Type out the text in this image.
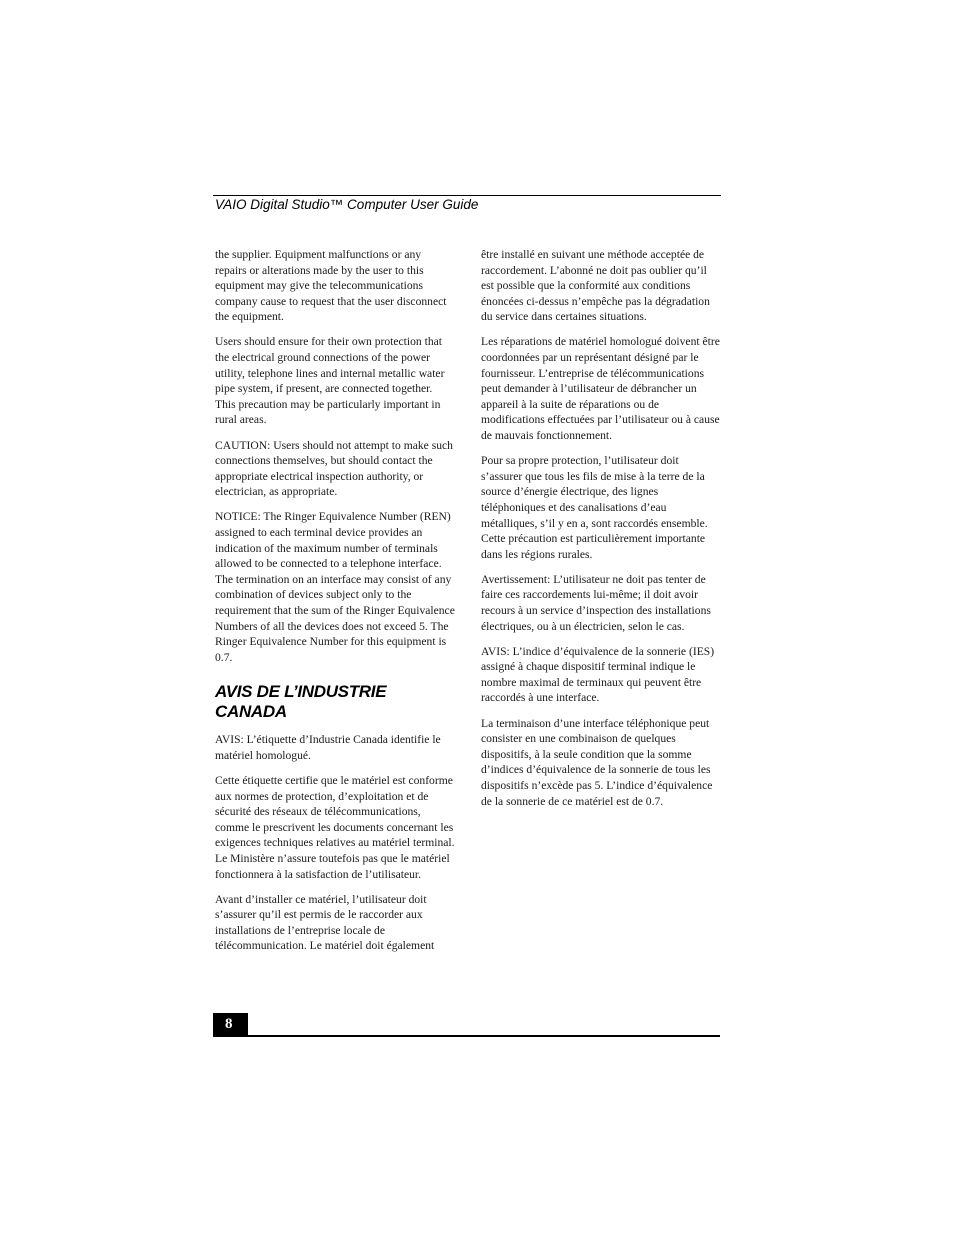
VAIO Digital Studio™ Computer User Guide

the supplier. Equipment malfunctions or any repairs or alterations made by the user to this equipment may give the telecommunications company cause to request that the user disconnect the equipment.

Users should ensure for their own protection that the electrical ground connections of the power utility, telephone lines and internal metallic water pipe system, if present, are connected together. This precaution may be particularly important in rural areas.

CAUTION: Users should not attempt to make such connections themselves, but should contact the appropriate electrical inspection authority, or electrician, as appropriate.

NOTICE: The Ringer Equivalence Number (REN) assigned to each terminal device provides an indication of the maximum number of terminals allowed to be connected to a telephone interface. The termination on an interface may consist of any combination of devices subject only to the requirement that the sum of the Ringer Equivalence Numbers of all the devices does not exceed 5. The Ringer Equivalence Number for this equipment is 0.7.

AVIS DE L’INDUSTRIE
CANADA

AVIS: L’étiquette d’Industrie Canada identifie le matériel homologué.

Cette étiquette certifie que le matériel est conforme aux normes de protection, d’exploitation et de sécurité des réseaux de télécommunications, comme le prescrivent les documents concernant les exigences techniques relatives au matériel terminal. Le Ministère n’assure toutefois pas que le matériel fonctionnera à la satisfaction de l’utilisateur.

Avant d’installer ce matériel, l’utilisateur doit s’assurer qu’il est permis de le raccorder aux installations de l’entreprise locale de télécommunication. Le matériel doit également

être installé en suivant une méthode acceptée de raccordement. L’abonné ne doit pas oublier qu’il est possible que la conformité aux conditions énoncées ci-dessus n’empêche pas la dégradation du service dans certaines situations.

Les réparations de matériel homologué doivent être coordonnées par un représentant désigné par le fournisseur. L’entreprise de télécommunications peut demander à l’utilisateur de débrancher un appareil à la suite de réparations ou de modifications effectuées par l’utilisateur ou à cause de mauvais fonctionnement.

Pour sa propre protection, l’utilisateur doit s’assurer que tous les fils de mise à la terre de la source d’énergie électrique, des lignes téléphoniques et des canalisations d’eau métalliques, s’il y en a, sont raccordés ensemble. Cette précaution est particulièrement importante dans les régions rurales.

Avertissement: L’utilisateur ne doit pas tenter de faire ces raccordements lui-même; il doit avoir recours à un service d’inspection des installations électriques, ou à un électricien, selon le cas.

AVIS: L’indice d’équivalence de la sonnerie (IES) assigné à chaque dispositif terminal indique le nombre maximal de terminaux qui peuvent être raccordés à une interface.

La terminaison d’une interface téléphonique peut consister en une combinaison de quelques dispositifs, à la seule condition que la somme d’indices d’équivalence de la sonnerie de tous les dispositifs n’excède pas 5. L’indice d’équivalence de la sonnerie de ce matériel est de 0.7.

8
